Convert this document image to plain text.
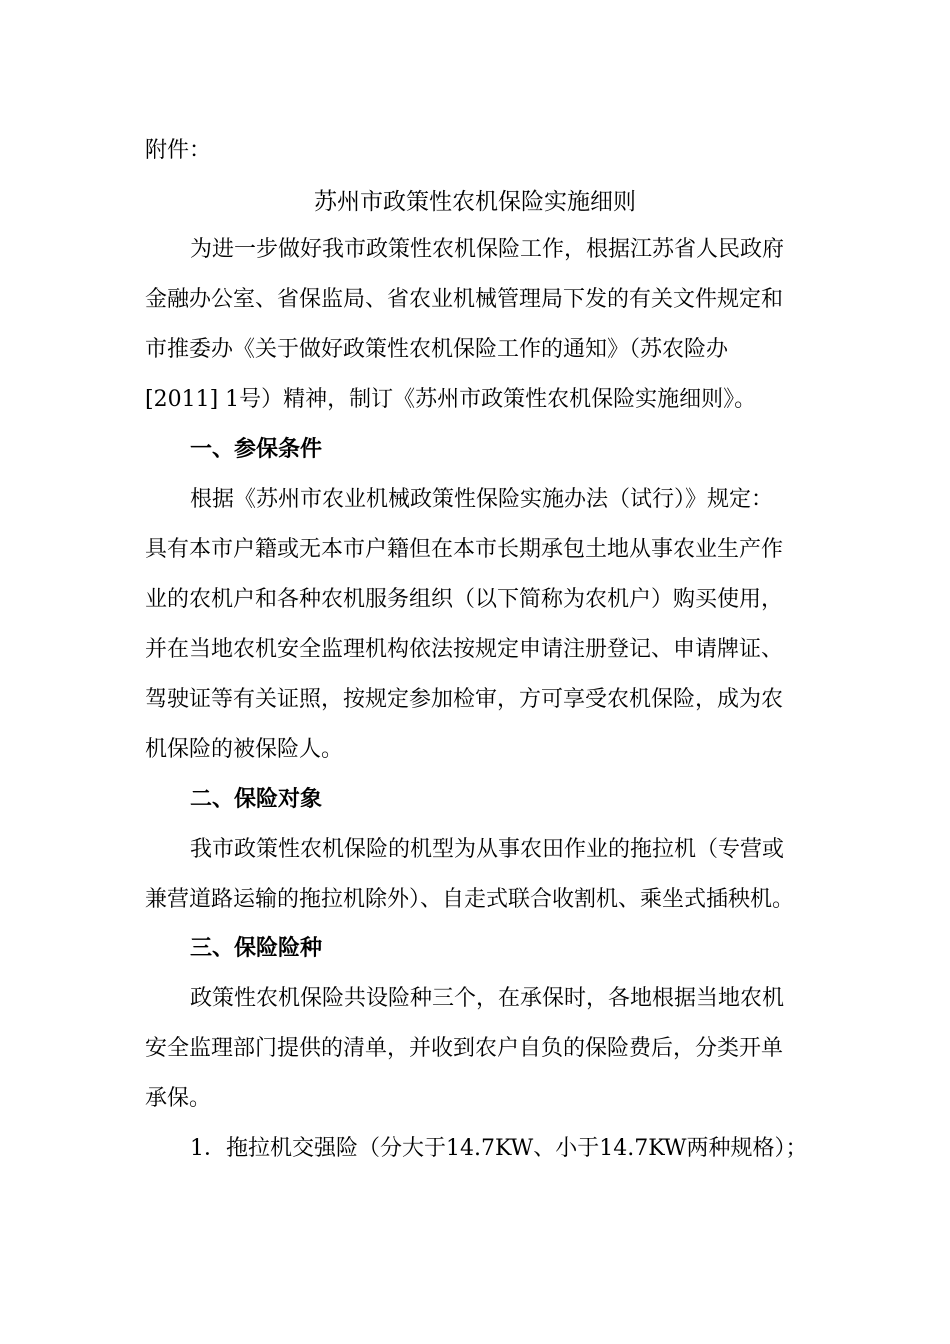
附件：
苏州市政策性农机保险实施细则
为进一步做好我市政策性农机保险工作，根据江苏省人民政府
金融办公室、省保监局、省农业机械管理局下发的有关文件规定和
市推委办《关于做好政策性农机保险工作的通知》（苏农险办
[2011] 1号）精神，制订《苏州市政策性农机保险实施细则》。
一、参保条件
根据《苏州市农业机械政策性保险实施办法（试行）》规定：
具有本市户籍或无本市户籍但在本市长期承包土地从事农业生产作
业的农机户和各种农机服务组织（以下简称为农机户）购买使用，
并在当地农机安全监理机构依法按规定申请注册登记、申请牌证、
驾驶证等有关证照，按规定参加检审，方可享受农机保险，成为农
机保险的被保险人。
二、保险对象
我市政策性农机保险的机型为从事农田作业的拖拉机（专营或
兼营道路运输的拖拉机除外）、自走式联合收割机、乘坐式插秧机。
三、保险险种
政策性农机保险共设险种三个，在承保时，各地根据当地农机
安全监理部门提供的清单，并收到农户自负的保险费后，分类开单
承保。
1．拖拉机交强险（分大于14.7KW、小于14.7KW两种规格）；
